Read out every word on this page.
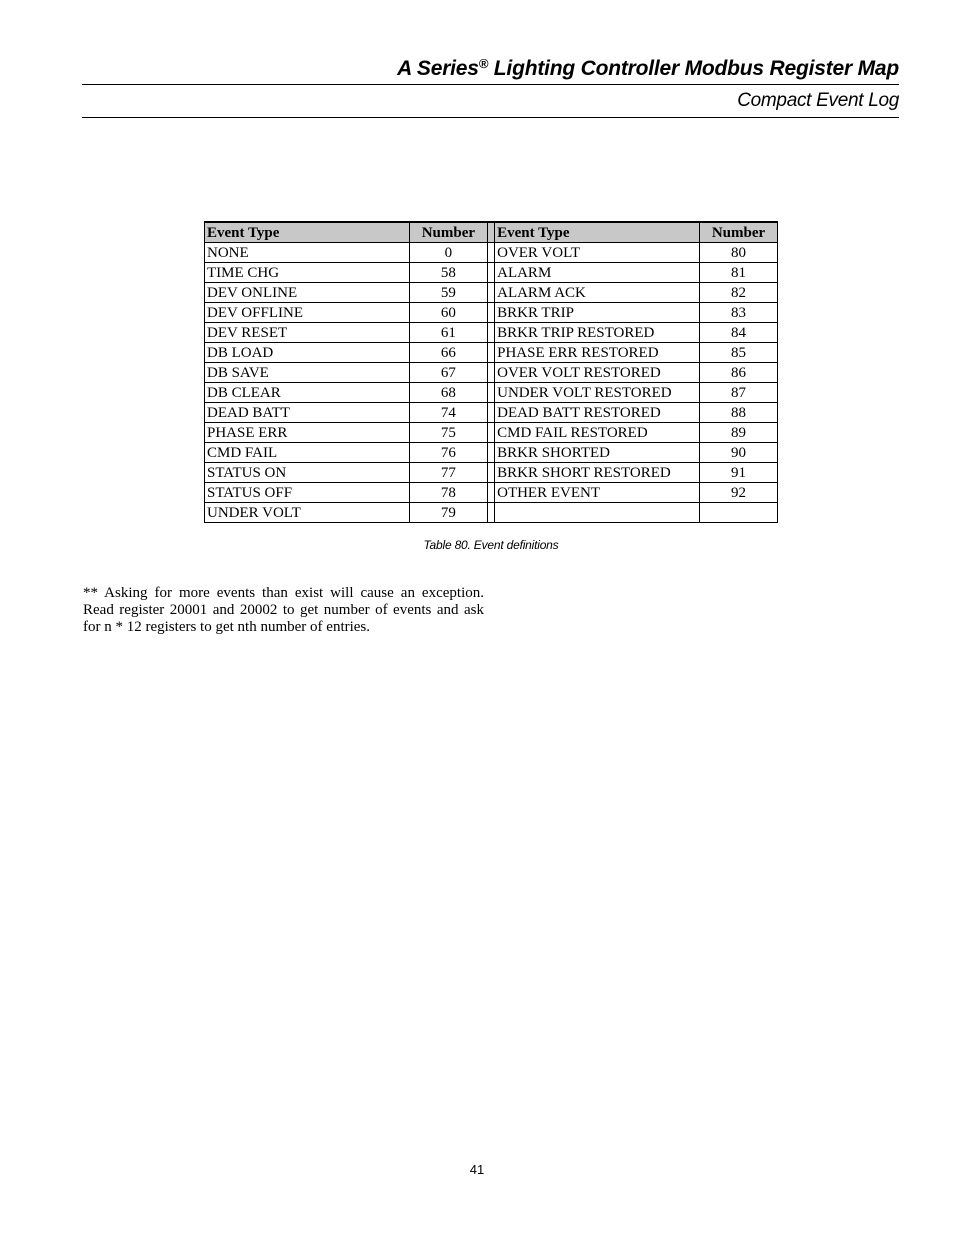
A Series® Lighting Controller Modbus Register Map
Compact Event Log
Event Type	Number		Event Type	Number
NONE	0		OVER VOLT	80
TIME CHG	58		ALARM	81
DEV ONLINE	59		ALARM ACK	82
DEV OFFLINE	60		BRKR TRIP	83
DEV RESET	61		BRKR TRIP RESTORED	84
DB LOAD	66		PHASE ERR RESTORED	85
DB SAVE	67		OVER VOLT RESTORED	86
DB CLEAR	68		UNDER VOLT RESTORED	87
DEAD BATT	74		DEAD BATT RESTORED	88
PHASE ERR	75		CMD FAIL RESTORED	89
CMD FAIL	76		BRKR SHORTED	90
STATUS ON	77		BRKR SHORT RESTORED	91
STATUS OFF	78		OTHER EVENT	92
UNDER VOLT	79			
Table 80. Event definitions
** Asking for more events than exist will cause an exception. Read register 20001 and 20002 to get number of events and ask for n * 12 registers to get nth number of entries.
41
